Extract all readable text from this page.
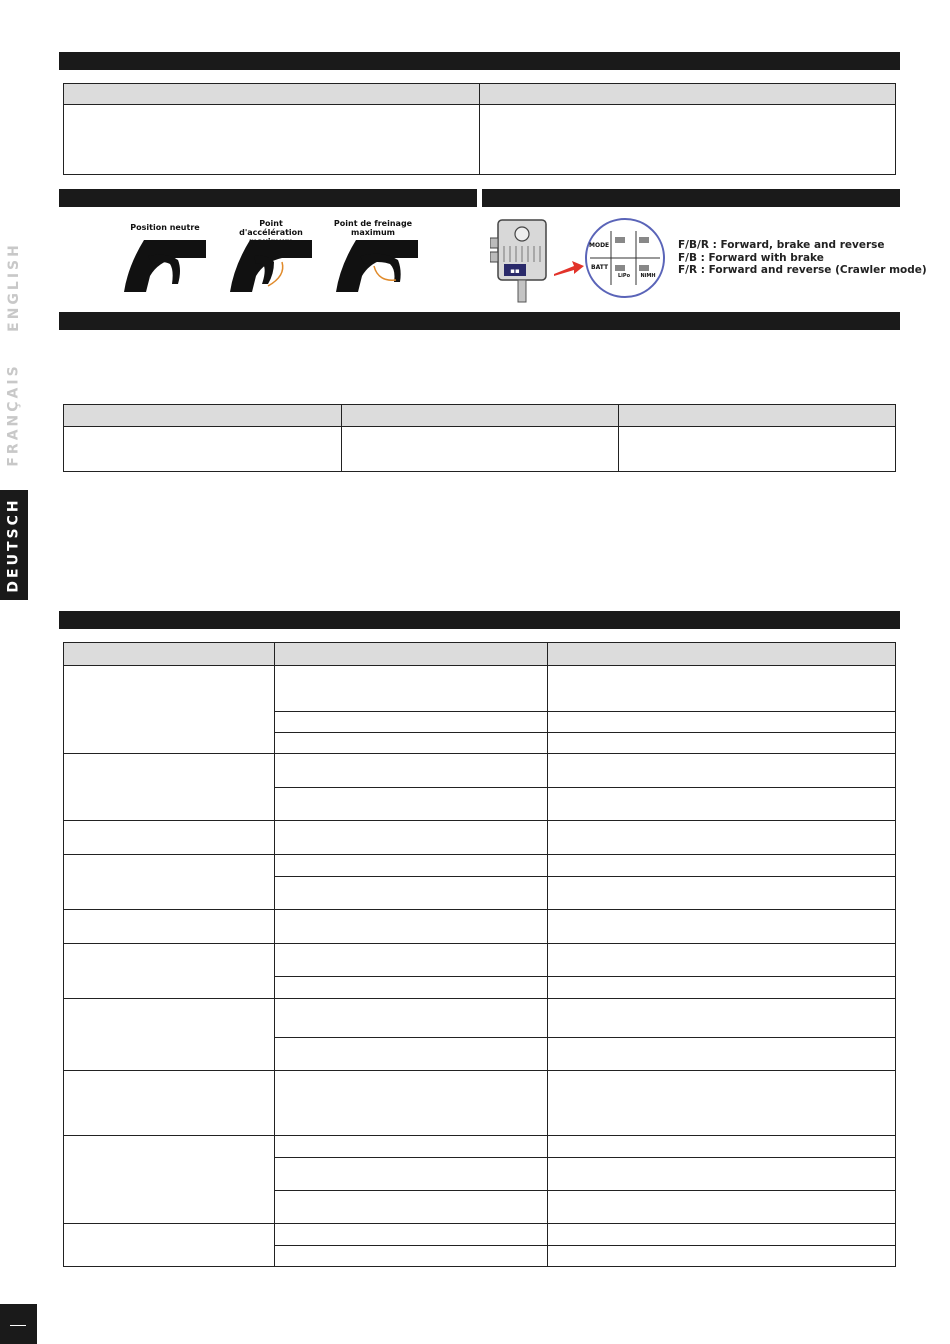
Position neutre	Point d'accélération
Point de freinage maximum
▪▪
MODE
BATT
LiPo	NiMH
F/B/R : Forward, brake and reverse
F/B : Forward with brake
F/R : Forward and reverse (Crawler mode)

ENGLISH
FRANÇAIS
DEUTSCH
